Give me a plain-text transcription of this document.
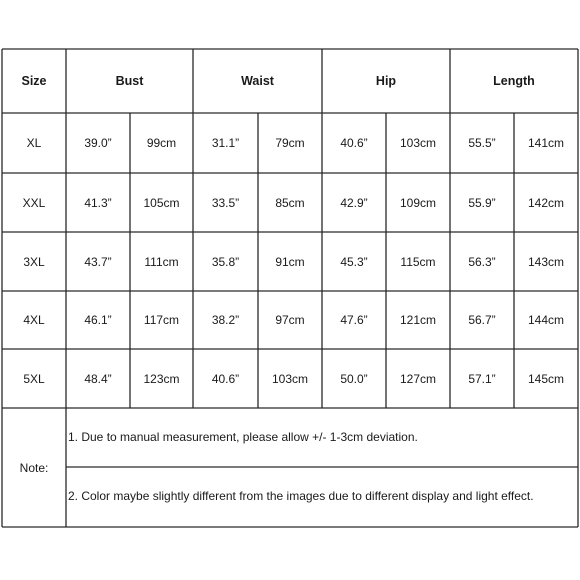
Size	Bust	Waist	Hip	Length
XL	39.0”	99cm	31.1”	79cm	40.6”	103cm	55.5”	141cm
XXL	41.3”	105cm	33.5”	85cm	42.9”	109cm	55.9”	142cm
3XL	43.7”	111cm	35.8”	91cm	45.3”	115cm	56.3”	143cm
4XL	46.1”	117cm	38.2”	97cm	47.6”	121cm	56.7”	144cm
5XL	48.4”	123cm	40.6”	103cm	50.0”	127cm	57.1”	145cm
Note:
1. Due to manual measurement, please allow +/- 1-3cm deviation.
2. Color maybe slightly different from the images due to different display and light effect.
